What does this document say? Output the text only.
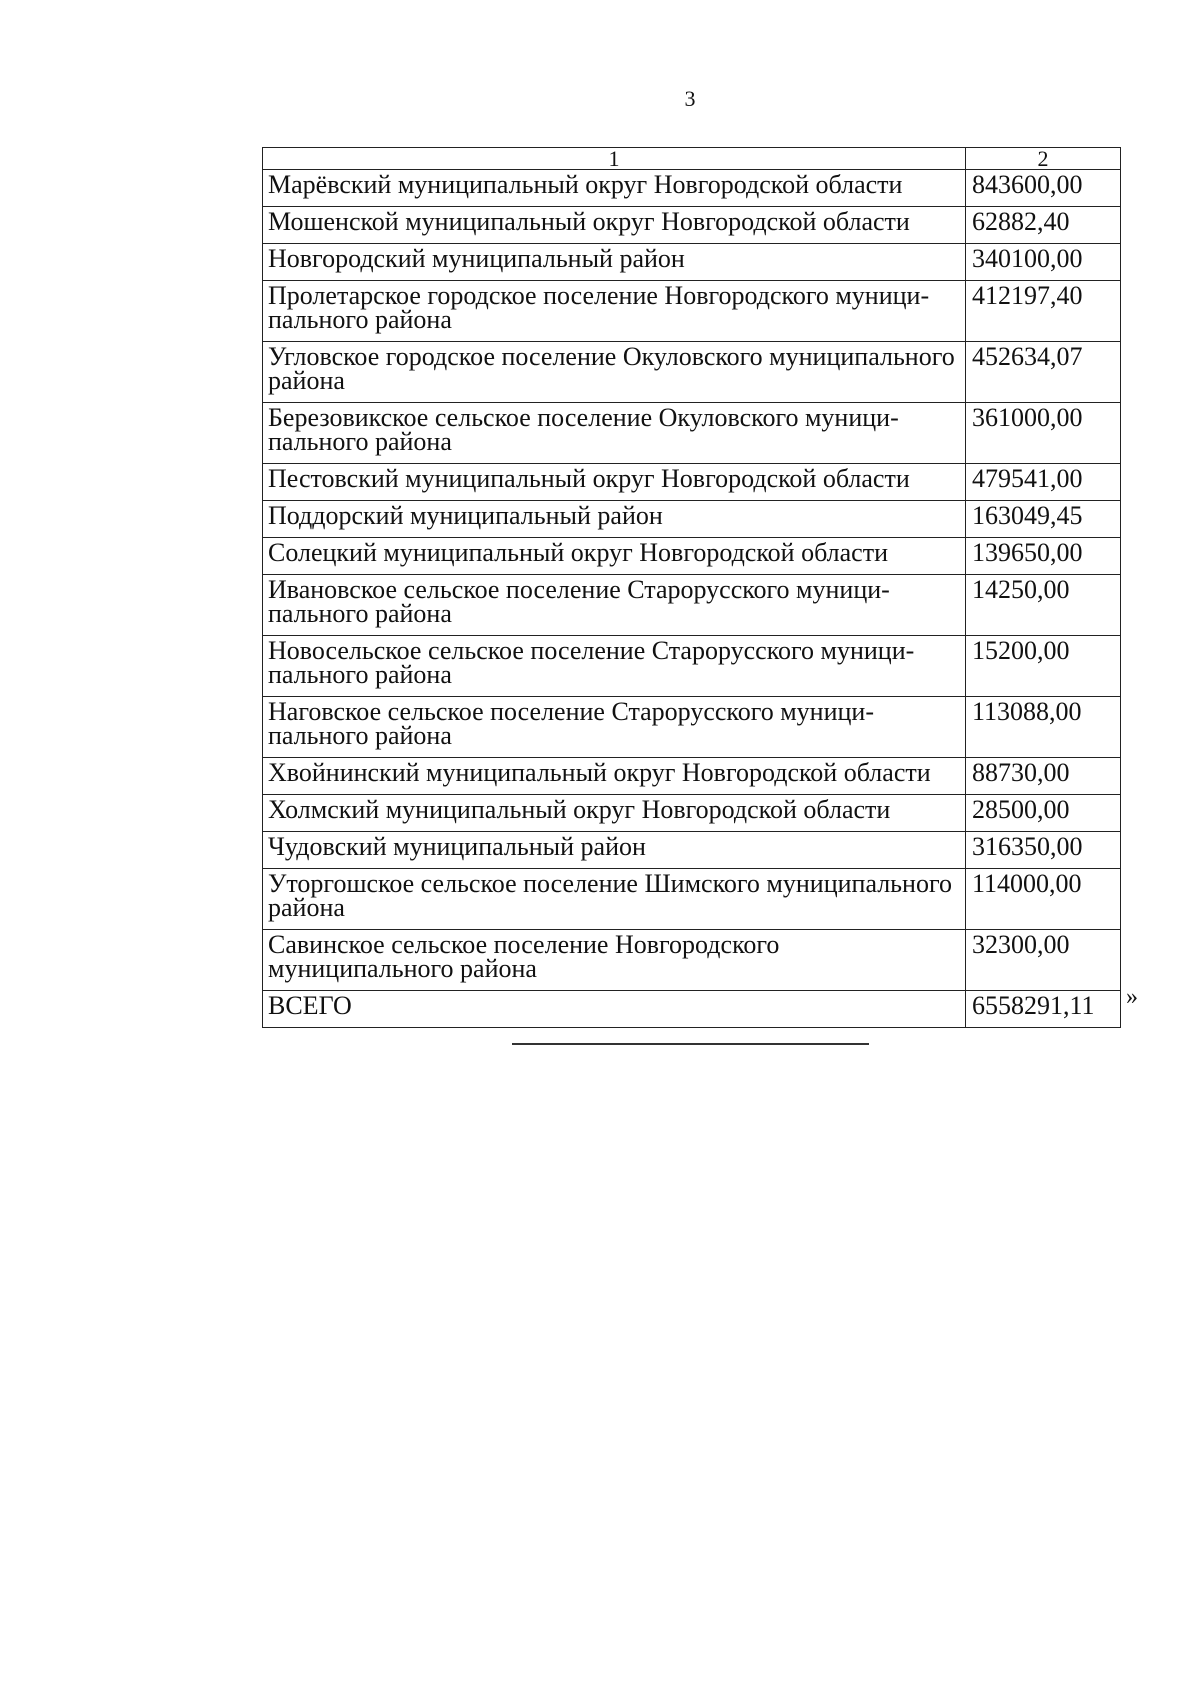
3
1	2
Марёвский муниципальный округ Новгородской области	843600,00
Мошенской муниципальный округ Новгородской области	62882,40
Новгородский муниципальный район	340100,00
Пролетарское городское поселение Новгородского муници-пального района	412197,40
Угловское городское поселение Окуловского муниципального района	452634,07
Березовикское сельское поселение Окуловского муници-пального района	361000,00
Пестовский муниципальный округ Новгородской области	479541,00
Поддорский муниципальный район	163049,45
Солецкий муниципальный округ Новгородской области	139650,00
Ивановское сельское поселение Старорусского муници-пального района	14250,00
Новосельское сельское поселение Старорусского муници-пального района	15200,00
Наговское сельское поселение Старорусского муници-пального района	113088,00
Хвойнинский муниципальный округ Новгородской области	88730,00
Холмский муниципальный округ Новгородской области	28500,00
Чудовский муниципальный район	316350,00
Уторгошское сельское поселение Шимского муниципального района	114000,00
Савинское сельское поселение Новгородского муниципального района	32300,00
ВСЕГО	6558291,11 »
